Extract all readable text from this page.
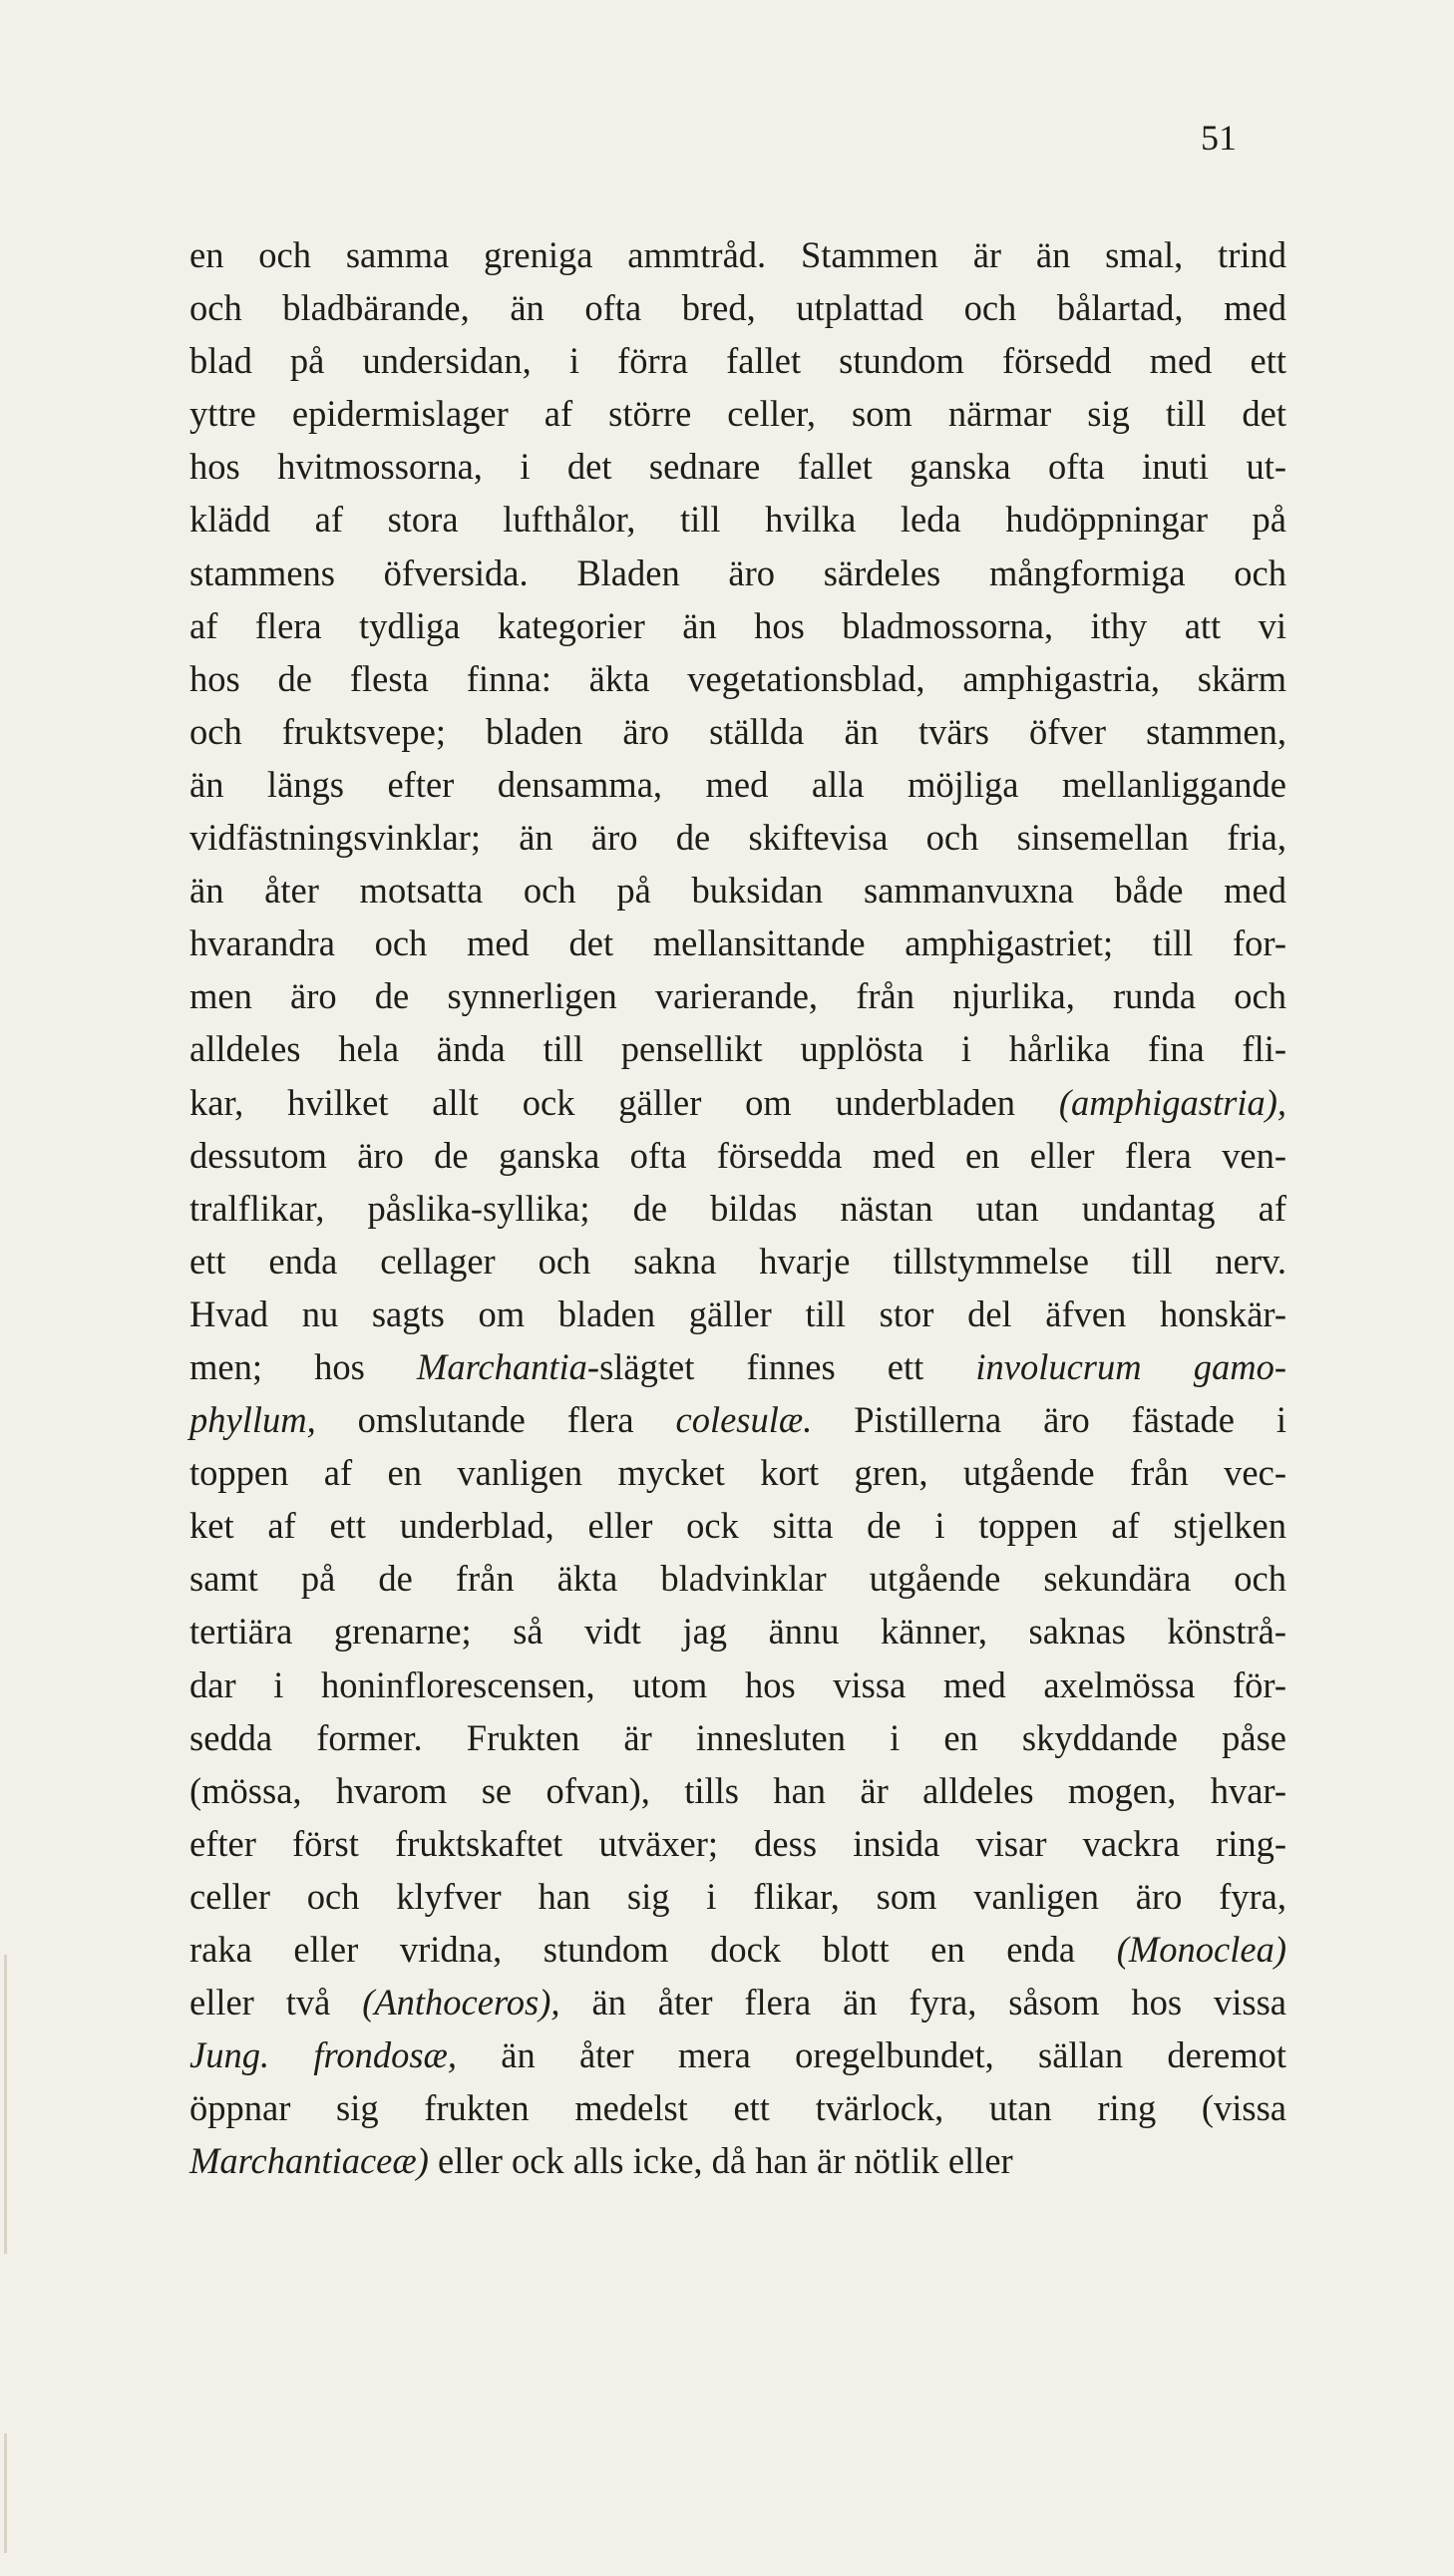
51
en och samma greniga ammtråd. Stammen är än smal, trind
och bladbärande, än ofta bred, utplattad och bålartad, med
blad på undersidan, i förra fallet stundom försedd med ett
yttre epidermislager af större celler, som närmar sig till det
hos hvitmossorna, i det sednare fallet ganska ofta inuti ut-
klädd af stora lufthålor, till hvilka leda hudöppningar på
stammens öfversida. Bladen äro särdeles mångformiga och
af flera tydliga kategorier än hos bladmossorna, ithy att vi
hos de flesta finna: äkta vegetationsblad, amphigastria, skärm
och fruktsvepe; bladen äro ställda än tvärs öfver stammen,
än längs efter densamma, med alla möjliga mellanliggande
vidfästningsvinklar; än äro de skiftevisa och sinsemellan fria,
än åter motsatta och på buksidan sammanvuxna både med
hvarandra och med det mellansittande amphigastriet; till for-
men äro de synnerligen varierande, från njurlika, runda och
alldeles hela ända till pensellikt upplösta i hårlika fina fli-
kar, hvilket allt ock gäller om underbladen (amphigastria),
dessutom äro de ganska ofta försedda med en eller flera ven-
tralflikar, påslika-syllika; de bildas nästan utan undantag af
ett enda cellager och sakna hvarje tillstymmelse till nerv.
Hvad nu sagts om bladen gäller till stor del äfven honskär-
men; hos Marchantia-slägtet finnes ett involucrum gamo-
phyllum, omslutande flera colesulæ. Pistillerna äro fästade i
toppen af en vanligen mycket kort gren, utgående från vec-
ket af ett underblad, eller ock sitta de i toppen af stjelken
samt på de från äkta bladvinklar utgående sekundära och
tertiära grenarne; så vidt jag ännu känner, saknas könstrå-
dar i honinflorescensen, utom hos vissa med axelmössa för-
sedda former. Frukten är innesluten i en skyddande påse
(mössa, hvarom se ofvan), tills han är alldeles mogen, hvar-
efter först fruktskaftet utväxer; dess insida visar vackra ring-
celler och klyfver han sig i flikar, som vanligen äro fyra,
raka eller vridna, stundom dock blott en enda (Monoclea)
eller två (Anthoceros), än åter flera än fyra, såsom hos vissa
Jung. frondosæ, än åter mera oregelbundet, sällan deremot
öppnar sig frukten medelst ett tvärlock, utan ring (vissa
Marchantiaceæ) eller ock alls icke, då han är nötlik eller
